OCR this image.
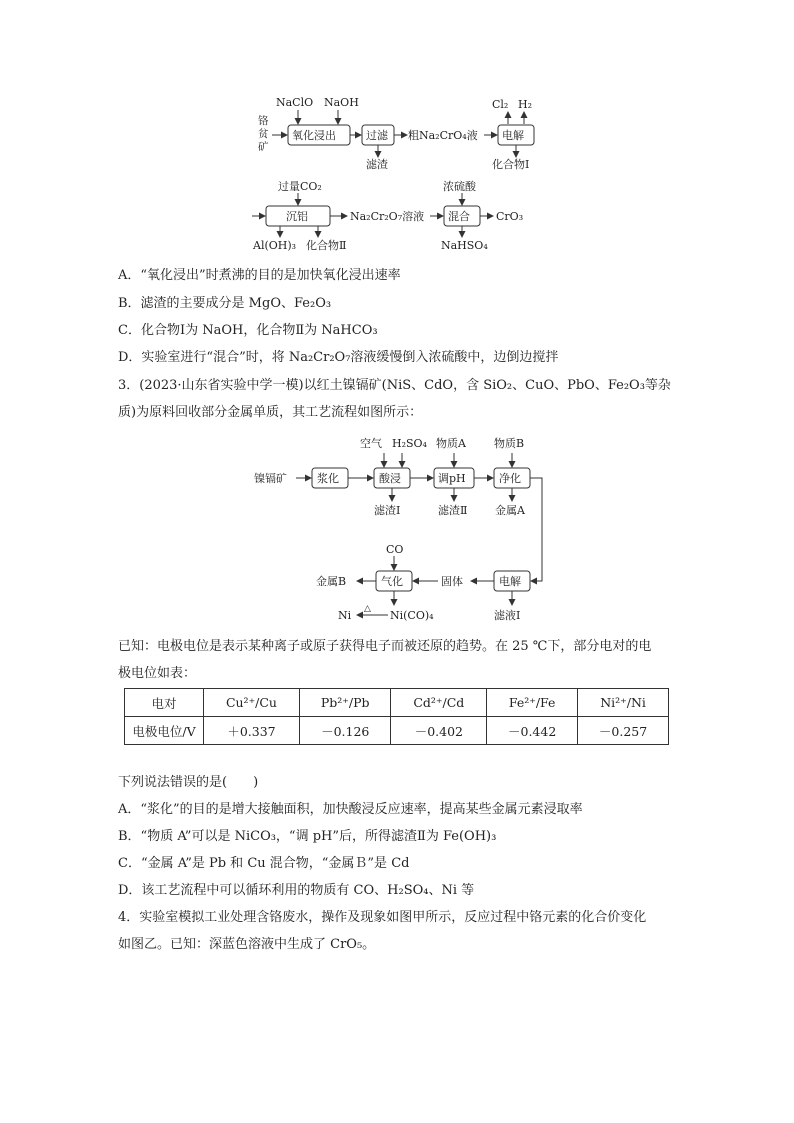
NaClO NaOH
铬贫矿
氧化浸出	过滤 粗Na₂CrO₄液 电解
Cl₂ H₂
滤渣	化合物Ⅰ
过量CO₂
沉铝	Na₂Cr₂O₇溶液
浓硫酸
混合 CrO₃
Al(OH)₃ 化合物Ⅱ	NaHSO₄
A．“氧化浸出”时煮沸的目的是加快氧化浸出速率
B．滤渣的主要成分是 MgO、Fe₂O₃
C．化合物Ⅰ为 NaOH，化合物Ⅱ为 NaHCO₃
D．实验室进行“混合”时，将 Na₂Cr₂O₇溶液缓慢倒入浓硫酸中，边倒边搅拌
3．(2023·山东省实验中学一模)以红土镍镉矿(NiS、CdO，含 SiO₂、CuO、PbO、Fe₂O₃等杂
质)为原料回收部分金属单质，其工艺流程如图所示：
镍镉矿	浆化
空气 H₂SO₄
酸浸
物质A
调pH
物质B
净化
滤渣Ⅰ	滤渣Ⅱ	金属A
CO
金属B	气化	固体	电解
Ni △ Ni(CO)₄	滤液Ⅰ
已知：电极电位是表示某种离子或原子获得电子而被还原的趋势。在 25 ℃下，部分电对的电
极电位如表：
电对	Cu²⁺/Cu	Pb²⁺/Pb	Cd²⁺/Cd	Fe²⁺/Fe	Ni²⁺/Ni
电极电位/V	＋0.337	－0.126	－0.402	－0.442	－0.257
下列说法错误的是(　　)
A．“浆化”的目的是增大接触面积，加快酸浸反应速率，提高某些金属元素浸取率
B．“物质 A”可以是 NiCO₃，“调 pH”后，所得滤渣Ⅱ为 Fe(OH)₃
C．“金属 A”是 Pb 和 Cu 混合物，“金属Ｂ”是 Cd
D．该工艺流程中可以循环利用的物质有 CO、H₂SO₄、Ni 等
4．实验室模拟工业处理含铬废水，操作及现象如图甲所示，反应过程中铬元素的化合价变化
如图乙。已知：深蓝色溶液中生成了 CrO₅。
